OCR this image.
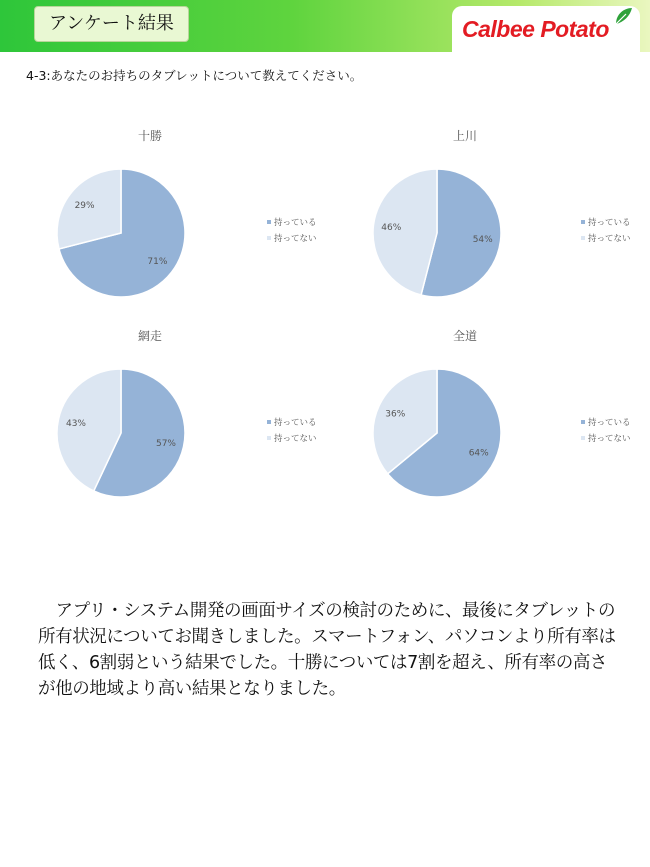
アンケート結果	Calbee Potato
4-3:あなたのお持ちのタブレットについて教えてください。
十勝
71%
29%
持っている
持ってない
上川
54%
46%
持っている
持ってない
網走
57%
43%	持っている
持ってない
全道
64%
36%
持っている
持ってない
アプリ・システム開発の画面サイズの検討のために、最後にタブレットの所有状況についてお聞きしました。スマートフォン、パソコンより所有率は低く、6割弱という結果でした。十勝については7割を超え、所有率の高さが他の地域より高い結果となりました。
